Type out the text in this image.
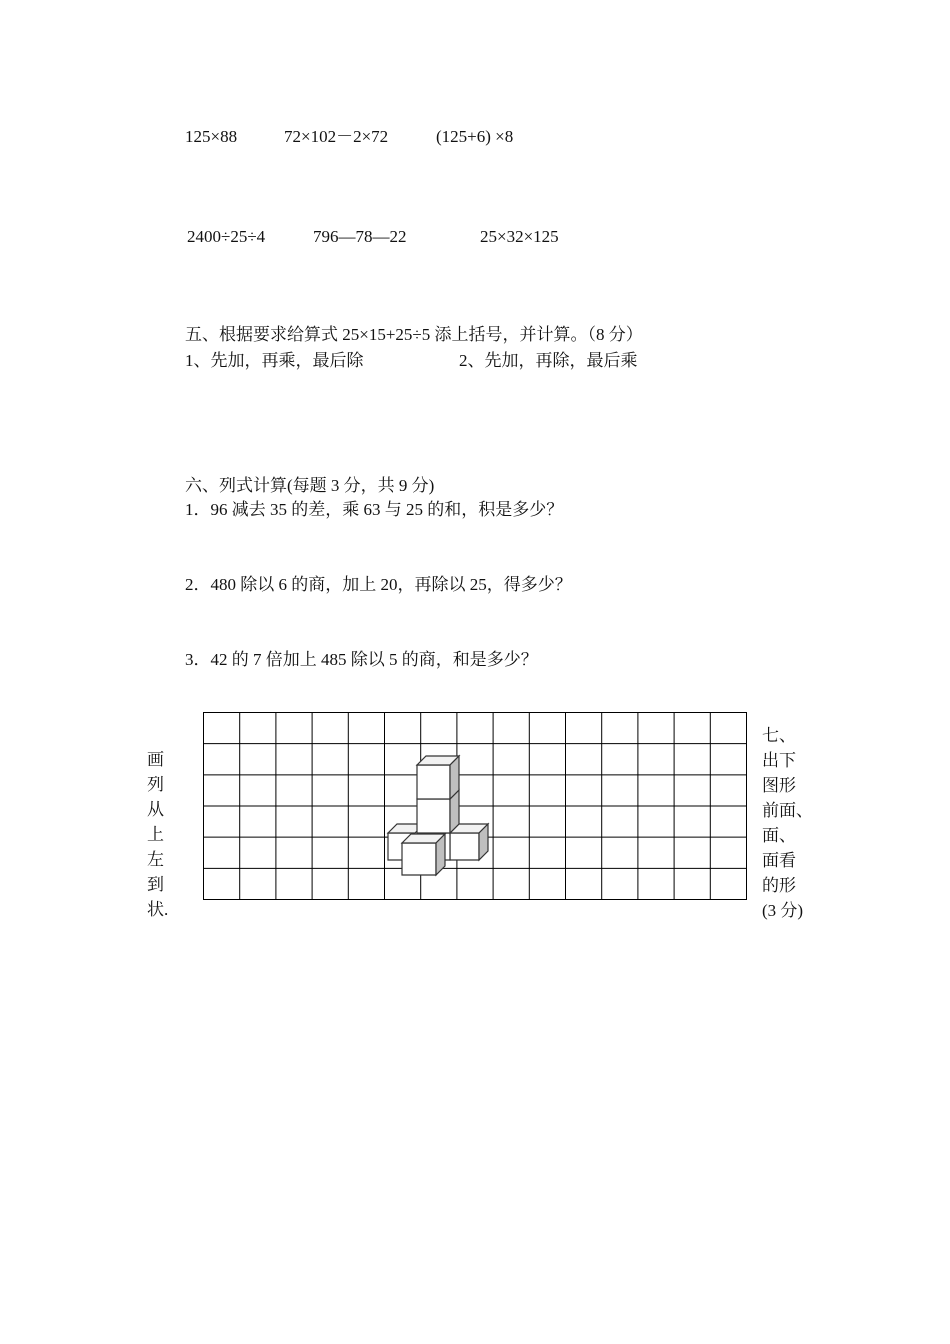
125×88	72×102－2×72	(125+6) ×8
2400÷25÷4	796—78—22	25×32×125
五、根据要求给算式 25×15+25÷5 添上括号，并计算。（8 分）
1、先加，再乘，最后除	2、先加，再除，最后乘
六、列式计算(每题 3 分，共 9 分)
1．96 减去 35 的差，乘 63 与 25 的和，积是多少？
2．480 除以 6 的商，加上 20，再除以 25，得多少？
3．42 的 7 倍加上 485 除以 5 的商，和是多少？
画
列
从
上
左
到
状.
七、
出下
图形
前面、
面、
面看
的形
(3 分)
